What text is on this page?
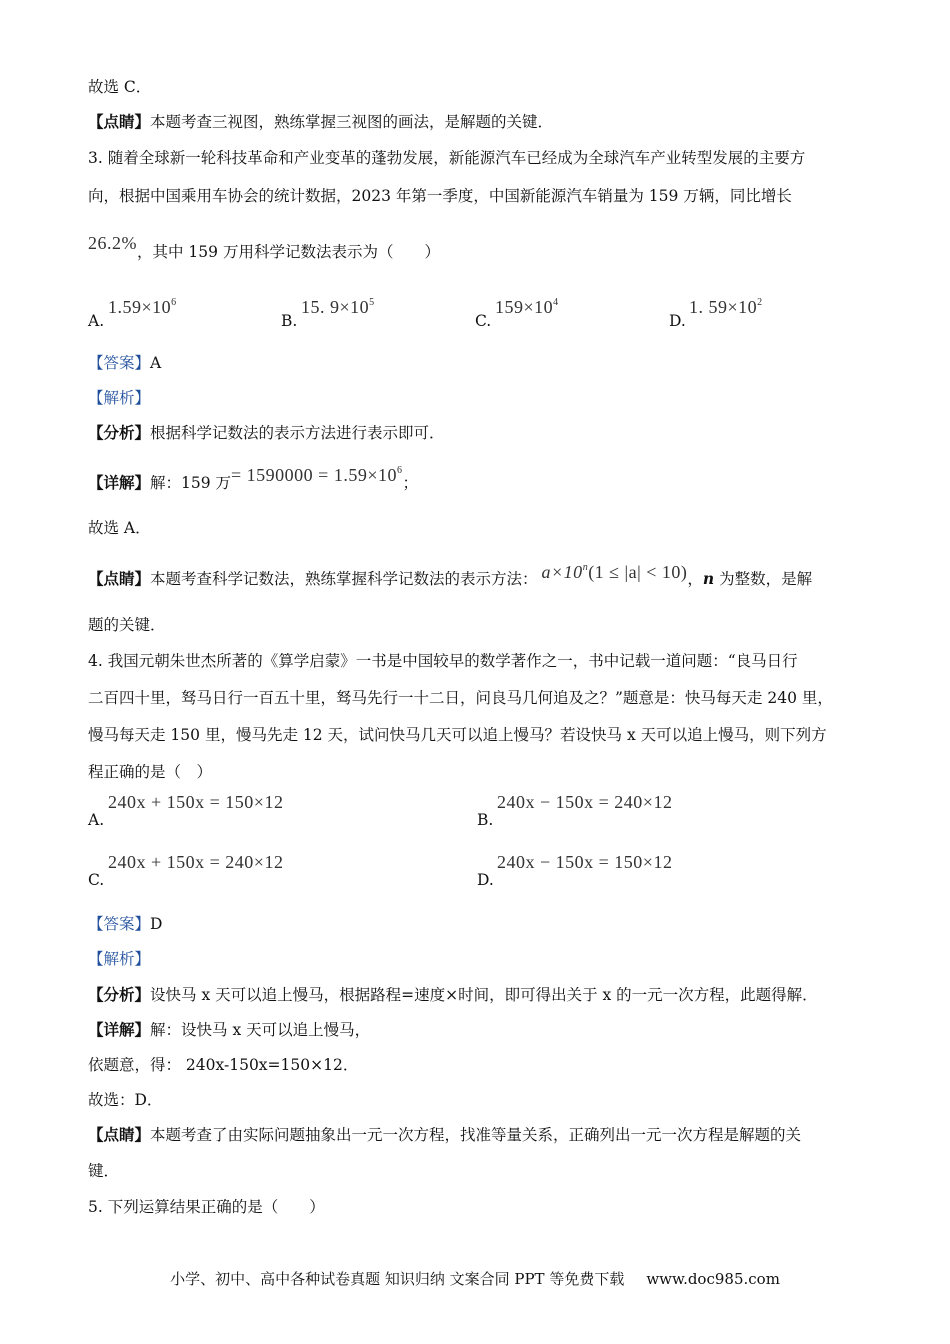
故选 C．
【点睛】本题考查三视图，熟练掌握三视图的画法，是解题的关键．
3. 随着全球新一轮科技革命和产业变革的蓬勃发展，新能源汽车已经成为全球汽车产业转型发展的主要方
向，根据中国乘用车协会的统计数据，2023 年第一季度，中国新能源汽车销量为 159 万辆，同比增长
26.2%，其中 159 万用科学记数法表示为（　　）
A.
$1.59\times 10^6$
B.
15. $9\times 10^5$
C.
$159\times 10^4$
D.
1. $59\times 10^2$
【答案】A
【解析】
【分析】根据科学记数法的表示方法进行表示即可．
【详解】解：159 万= $1590000 = 1.59\times 10^6$；
故选 A．
【点睛】本题考查科学记数法，熟练掌握科学记数法的表示方法： $a\times 10^n(1 \le |a| < 10)$，n 为整数，是解
题的关键．
4. 我国元朝朱世杰所著的《算学启蒙》一书是中国较早的数学著作之一，书中记载一道问题：“良马日行
二百四十里，驽马日行一百五十里，驽马先行一十二日，问良马几何追及之？”题意是：快马每天走 240 里，
慢马每天走 150 里，慢马先走 12 天，试问快马几天可以追上慢马？若设快马 x 天可以追上慢马，则下列方
程正确的是（　）
A.
240x + 150x = 150×12
B.
240x − 150x = 240×12
C.
240x + 150x = 240×12
D.
240x − 150x = 150×12
【答案】D
【解析】
【分析】设快马 x 天可以追上慢马，根据路程=速度×时间，即可得出关于 x 的一元一次方程，此题得解．
【详解】解：设快马 x 天可以追上慢马，
依题意，得： 240x-150x=150×12．
故选：D．
【点睛】本题考查了由实际问题抽象出一元一次方程，找准等量关系，正确列出一元一次方程是解题的关
键．
5. 下列运算结果正确的是（　　）
小学、初中、高中各种试卷真题 知识归纳 文案合同 PPT 等免费下载 www.doc985.com
